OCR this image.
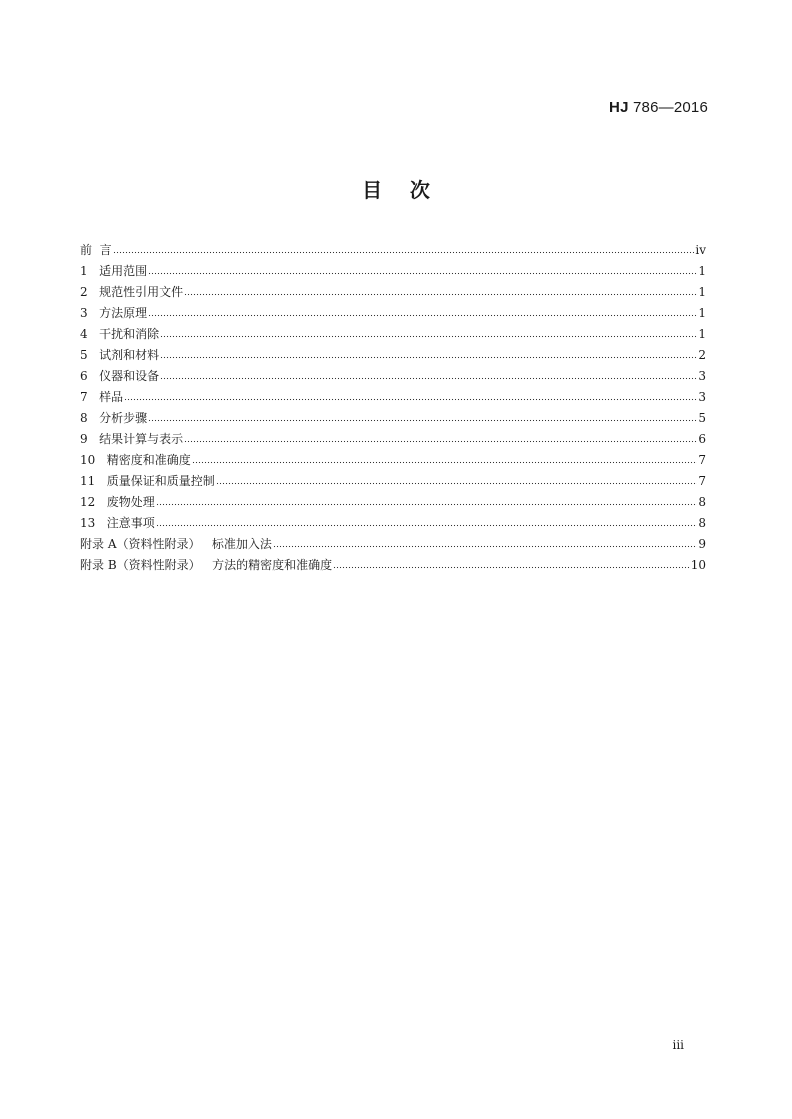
HJ 786—2016
目    次
前  言	iv
1   适用范围	1
2   规范性引用文件	1
3   方法原理	1
4   干扰和消除	1
5   试剂和材料	2
6   仪器和设备	3
7   样品	3
8   分析步骤	5
9   结果计算与表示	6
10   精密度和准确度	7
11   质量保证和质量控制	7
12   废物处理	8
13   注意事项	8
附录 A（资料性附录）   标准加入法	9
附录 B（资料性附录）   方法的精密度和准确度	10
iii
